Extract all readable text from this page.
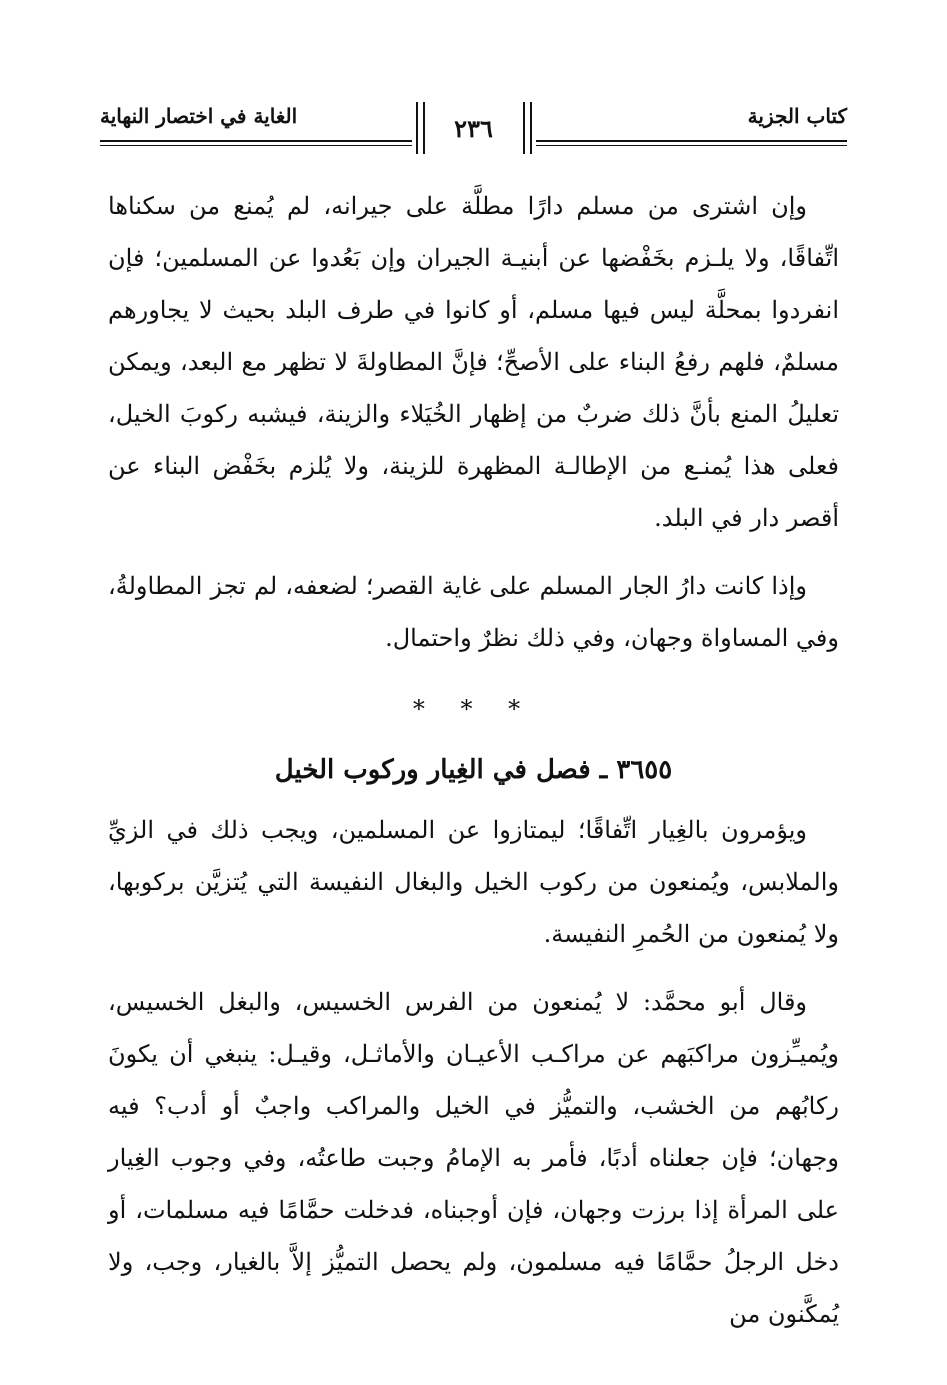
كتاب الجزية
الغاية في اختصار النهاية	٢٣٦

وإن اشترى من مسلم دارًا مطلَّة على جيرانه، لم يُمنع من سكناها اتِّفاقًا، ولا يلـزم بخَفْضها عن أبنيـة الجيران وإن بَعُدوا عن المسلمين؛ فإن انفردوا بمحلَّة ليس فيها مسلم، أو كانوا في طرف البلد بحيث لا يجاورهم مسلمٌ، فلهم رفعُ البناء على الأصحِّ؛ فإنَّ المطاولةَ لا تظهر مع البعد، ويمكن تعليلُ المنع بأنَّ ذلك ضربٌ من إظهار الخُيَلاء والزينة، فيشبه ركوبَ الخيل، فعلى هذا يُمنـع من الإطالـة المظهرة للزينة، ولا يُلزم بخَفْض البناء عن أقصر دار في البلد.

وإذا كانت دارُ الجار المسلم على غاية القصر؛ لضعفه، لم تجز المطاولةُ، وفي المساواة وجهان، وفي ذلك نظرٌ واحتمال.

* * *
٣٦٥٥ ـ فصل في الغِيار وركوب الخيل

ويؤمرون بالغِيار اتِّفاقًا؛ ليمتازوا عن المسلمين، ويجب ذلك في الزيِّ والملابس، ويُمنعون من ركوب الخيل والبغال النفيسة التي يُتزيَّن بركوبها، ولا يُمنعون من الحُمرِ النفيسة.

وقال أبو محمَّد: لا يُمنعون من الفرس الخسيس، والبغل الخسيس، ويُميـِّزون مراكبَهم عن مراكـب الأعيـان والأماثـل، وقيـل: ينبغي أن يكونَ ركابُهم من الخشب، والتميُّز في الخيل والمراكب واجبٌ أو أدب؟ فيه وجهان؛ فإن جعلناه أدبًا، فأمر به الإمامُ وجبت طاعتُه، وفي وجوب الغِيار على المرأة إذا برزت وجهان، فإن أوجبناه، فدخلت حمَّامًا فيه مسلمات، أو دخل الرجلُ حمَّامًا فيه مسلمون، ولم يحصل التميُّز إلاَّ بالغيار، وجب، ولا يُمكَّنون من
